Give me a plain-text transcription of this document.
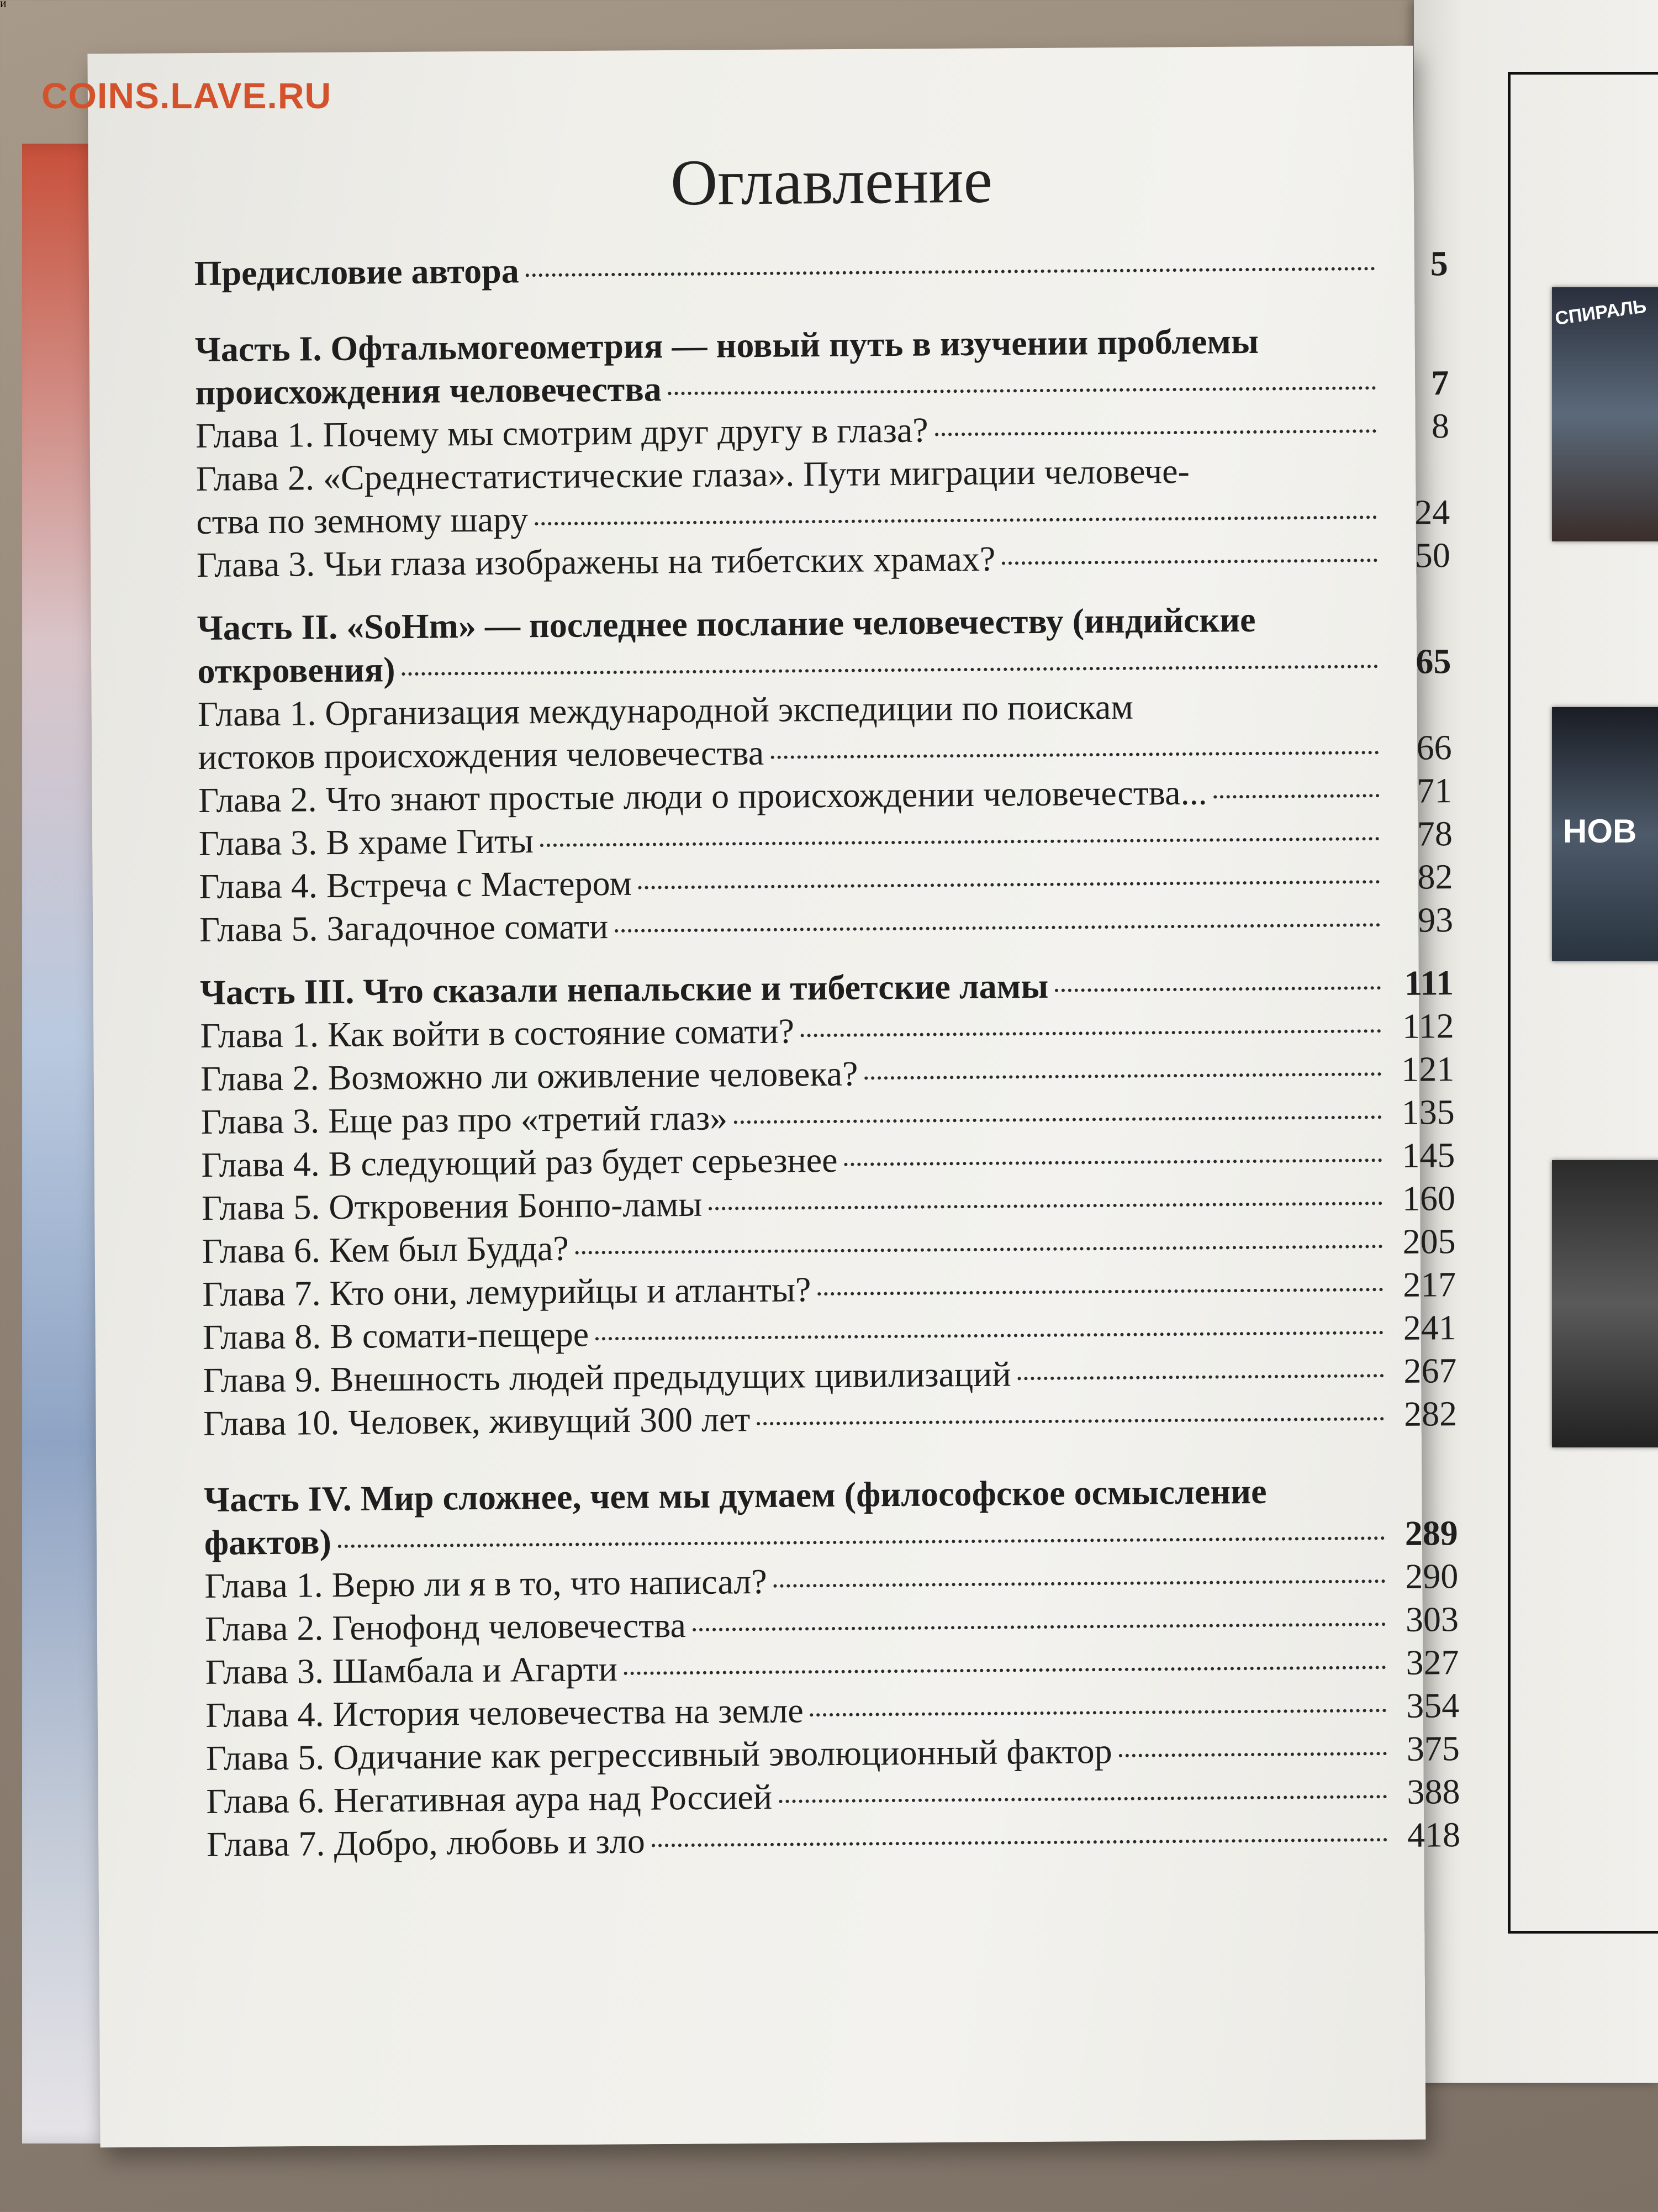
И
СПИРАЛЬ
НОВ
COINS.LAVE.RU
Оглавление
Предисловие автора	5
Часть I. Офтальмогеометрия — новый путь в изучении проблемы
происхождения человечества	7
Глава 1. Почему мы смотрим друг другу в глаза?	8
Глава 2. «Среднестатистические глаза». Пути миграции человече-
ства по земному шару	24
Глава 3. Чьи глаза изображены на тибетских храмах?	50
Часть II. «SoHm» — последнее послание человечеству (индийские
откровения)	65
Глава 1. Организация международной экспедиции по поискам
истоков происхождения человечества	66
Глава 2. Что знают простые люди о происхождении человечества...	71
Глава 3. В храме Гиты	78
Глава 4. Встреча с Мастером	82
Глава 5. Загадочное сомати	93
Часть III. Что сказали непальские и тибетские ламы	111
Глава 1. Как войти в состояние сомати?	112
Глава 2. Возможно ли оживление человека?	121
Глава 3. Еще раз про «третий глаз»	135
Глава 4. В следующий раз будет серьезнее	145
Глава 5. Откровения Бонпо-ламы	160
Глава 6. Кем был Будда?	205
Глава 7. Кто они, лемурийцы и атланты?	217
Глава 8. В сомати-пещере	241
Глава 9. Внешность людей предыдущих цивилизаций	267
Глава 10. Человек, живущий 300 лет	282
Часть IV. Мир сложнее, чем мы думаем (философское осмысление
фактов)	289
Глава 1. Верю ли я в то, что написал?	290
Глава 2. Генофонд человечества	303
Глава 3. Шамбала и Агарти	327
Глава 4. История человечества на земле	354
Глава 5. Одичание как регрессивный эволюционный фактор	375
Глава 6. Негативная аура над Россией	388
Глава 7. Добро, любовь и зло	418
